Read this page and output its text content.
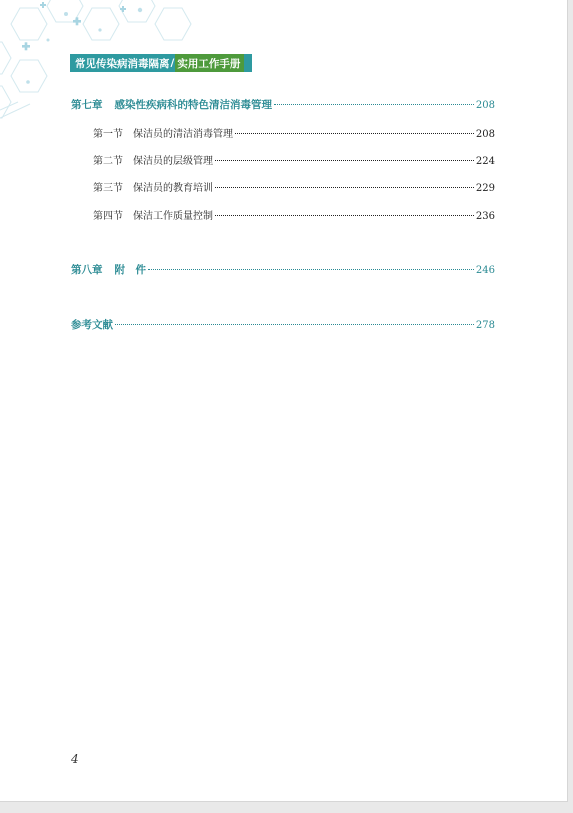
常见传染病消毒隔离 / 实用工作手册
第七章 感染性疾病科的特色清洁消毒管理	208
第一节 保洁员的清洁消毒管理	208
第二节 保洁员的层级管理	224
第三节 保洁员的教育培训	229
第四节 保洁工作质量控制	236
第八章 附　件	246
参考文献	278
4
